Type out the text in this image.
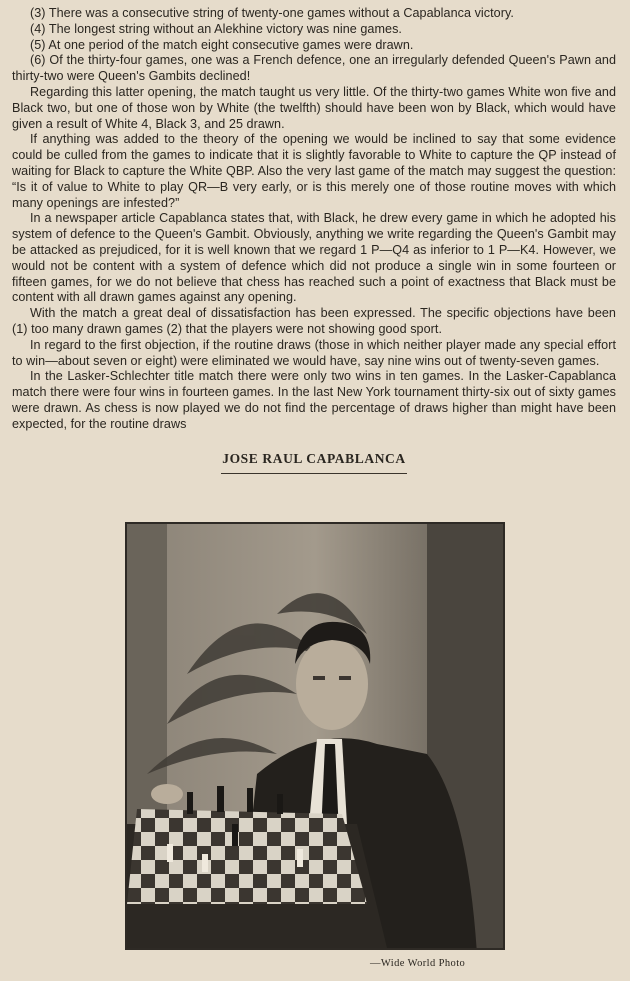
(3) There was a consecutive string of twenty-one games without a Capablanca victory.

(4) The longest string without an Alekhine victory was nine games.

(5) At one period of the match eight consecutive games were drawn.

(6) Of the thirty-four games, one was a French defence, one an irregularly defended Queen's Pawn and thirty-two were Queen's Gambits declined!

Regarding this latter opening, the match taught us very little. Of the thirty-two games White won five and Black two, but one of those won by White (the twelfth) should have been won by Black, which would have given a result of White 4, Black 3, and 25 drawn.

If anything was added to the theory of the opening we would be inclined to say that some evidence could be culled from the games to indicate that it is slightly favorable to White to capture the QP instead of waiting for Black to capture the White QBP. Also the very last game of the match may suggest the question: “Is it of value to White to play QR—B very early, or is this merely one of those routine moves with which many openings are infested?”

In a newspaper article Capablanca states that, with Black, he drew every game in which he adopted his system of defence to the Queen's Gambit. Obviously, anything we write regarding the Queen's Gambit may be attacked as prejudiced, for it is well known that we regard 1 P—Q4 as inferior to 1 P—K4. However, we would not be content with a system of defence which did not produce a single win in some fourteen or fifteen games, for we do not believe that chess has reached such a point of exactness that Black must be content with all drawn games against any opening.

With the match a great deal of dissatisfaction has been expressed. The specific objections have been (1) too many drawn games (2) that the players were not showing good sport.

In regard to the first objection, if the routine draws (those in which neither player made any special effort to win—about seven or eight) were eliminated we would have, say nine wins out of twenty-seven games.

In the Lasker-Schlechter title match there were only two wins in ten games. In the Lasker-Capablanca match there were four wins in fourteen games. In the last New York tournament thirty-six out of sixty games were drawn. As chess is now played we do not find the percentage of draws higher than might have been expected, for the routine draws

JOSE RAUL CAPABLANCA
—Wide World Photo
